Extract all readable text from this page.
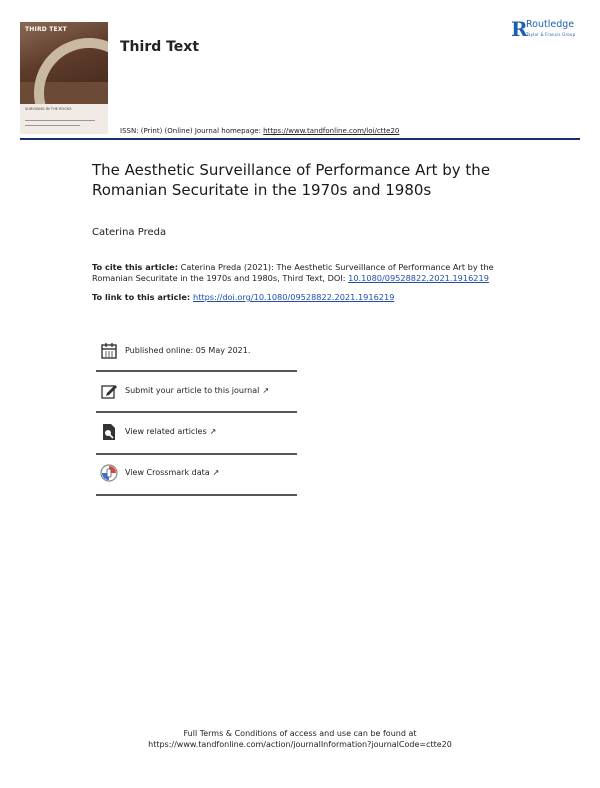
THIRD TEXT
SURVIVING IN THE ROCKS
Third Text
R
Routledge
Taylor & Francis Group
ISSN: (Print) (Online) Journal homepage: https://www.tandfonline.com/loi/ctte20
The Aesthetic Surveillance of Performance Art by the Romanian Securitate in the 1970s and 1980s
Caterina Preda
To cite this article: Caterina Preda (2021): The Aesthetic Surveillance of Performance Art by the Romanian Securitate in the 1970s and 1980s, Third Text, DOI: 10.1080/09528822.2021.1916219
To link to this article: https://doi.org/10.1080/09528822.2021.1916219
Published online: 05 May 2021.
Submit your article to this journal ↗
View related articles ↗
View Crossmark data ↗
Full Terms & Conditions of access and use can be found at
https://www.tandfonline.com/action/journalInformation?journalCode=ctte20
